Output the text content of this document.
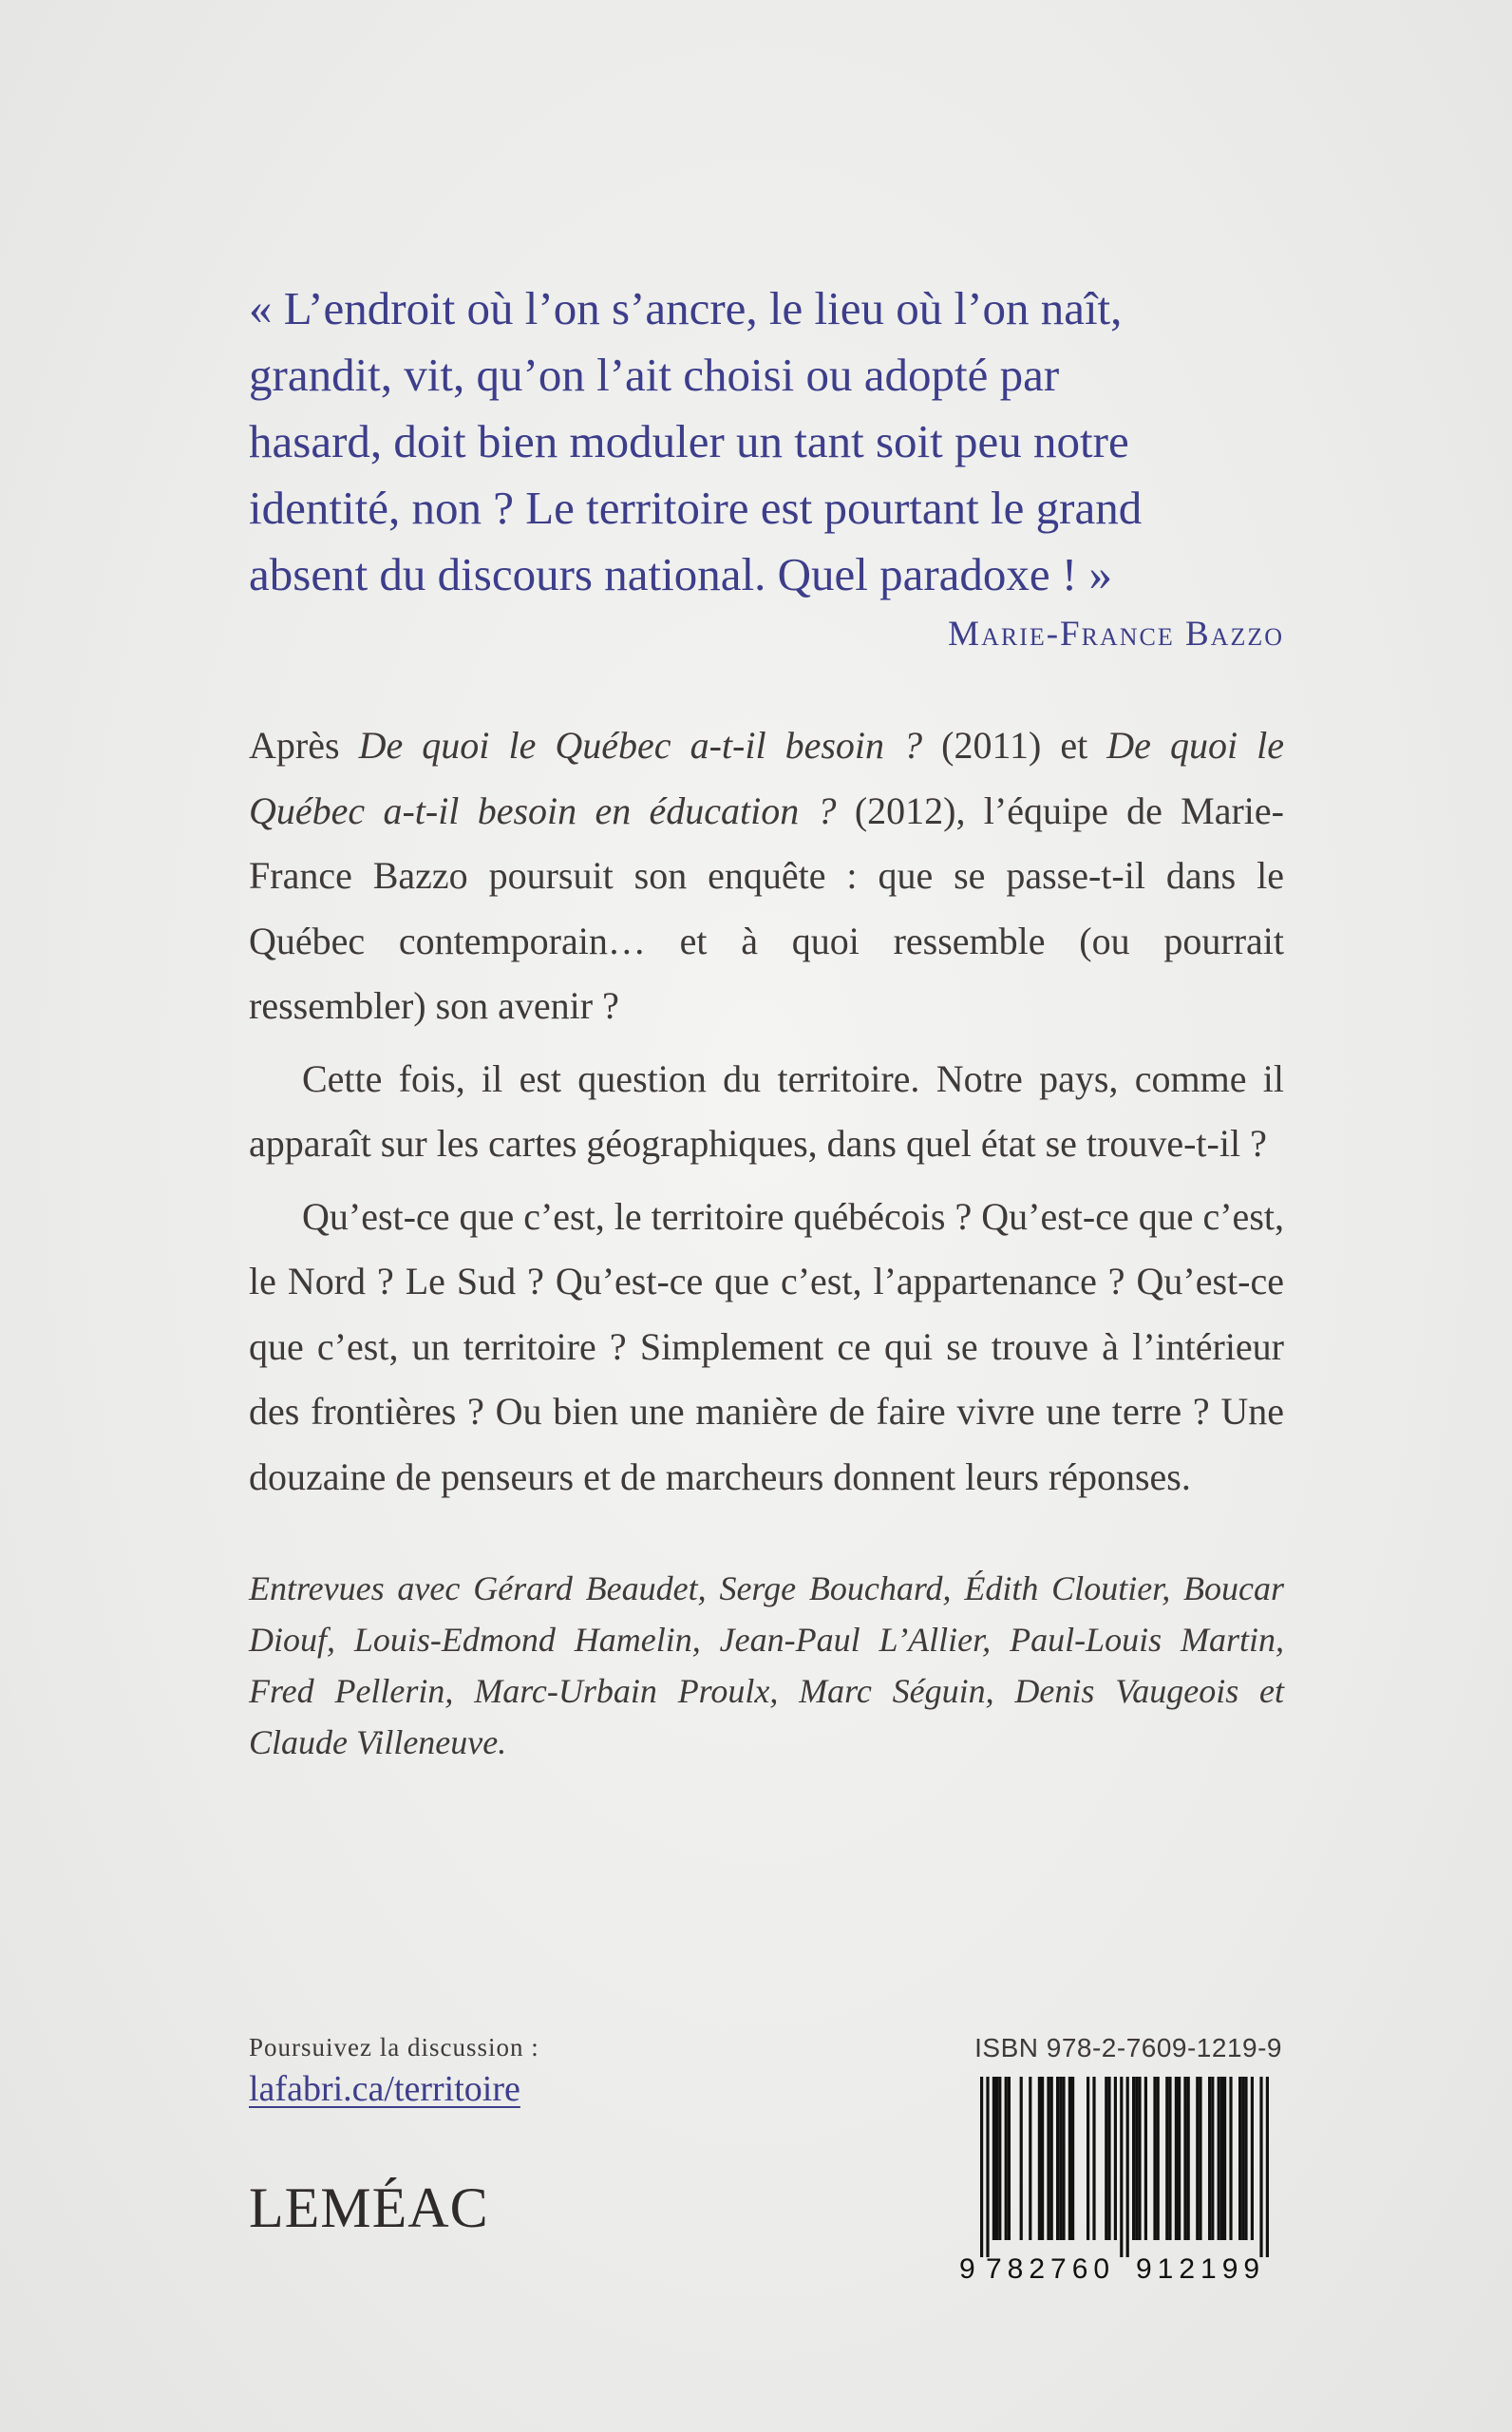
« L’endroit où l’on s’ancre, le lieu où l’on naît,
grandit, vit, qu’on l’ait choisi ou adopté par
hasard, doit bien moduler un tant soit peu notre
identité, non ? Le territoire est pourtant le grand
absent du discours national. Quel paradoxe ! »

Marie-France Bazzo

Après De quoi le Québec a-t-il besoin ? (2011) et De quoi le Québec a-t-il besoin en éducation ? (2012), l’équipe de Marie-France Bazzo poursuit son enquête : que se passe-t-il dans le Québec contemporain… et à quoi ressemble (ou pourrait ressembler) son avenir ?

Cette fois, il est question du territoire. Notre pays, comme il apparaît sur les cartes géographiques, dans quel état se trouve-t-il ?

Qu’est-ce que c’est, le territoire québécois ? Qu’est-ce que c’est, le Nord ? Le Sud ? Qu’est-ce que c’est, l’appartenance ? Qu’est-ce que c’est, un territoire ? Simplement ce qui se trouve à l’intérieur des frontières ? Ou bien une manière de faire vivre une terre ? Une douzaine de penseurs et de marcheurs donnent leurs réponses.

Entrevues avec Gérard Beaudet, Serge Bouchard, Édith Cloutier, Boucar Diouf, Louis-Edmond Hamelin, Jean-Paul L’Allier, Paul-Louis Martin, Fred Pellerin, Marc-Urbain Proulx, Marc Séguin, Denis Vaugeois et Claude Villeneuve.
Poursuivez la discussion :
lafabri.ca/territoire
LEMÉAC
ISBN 978-2-7609-1219-9
9 782760 912199
